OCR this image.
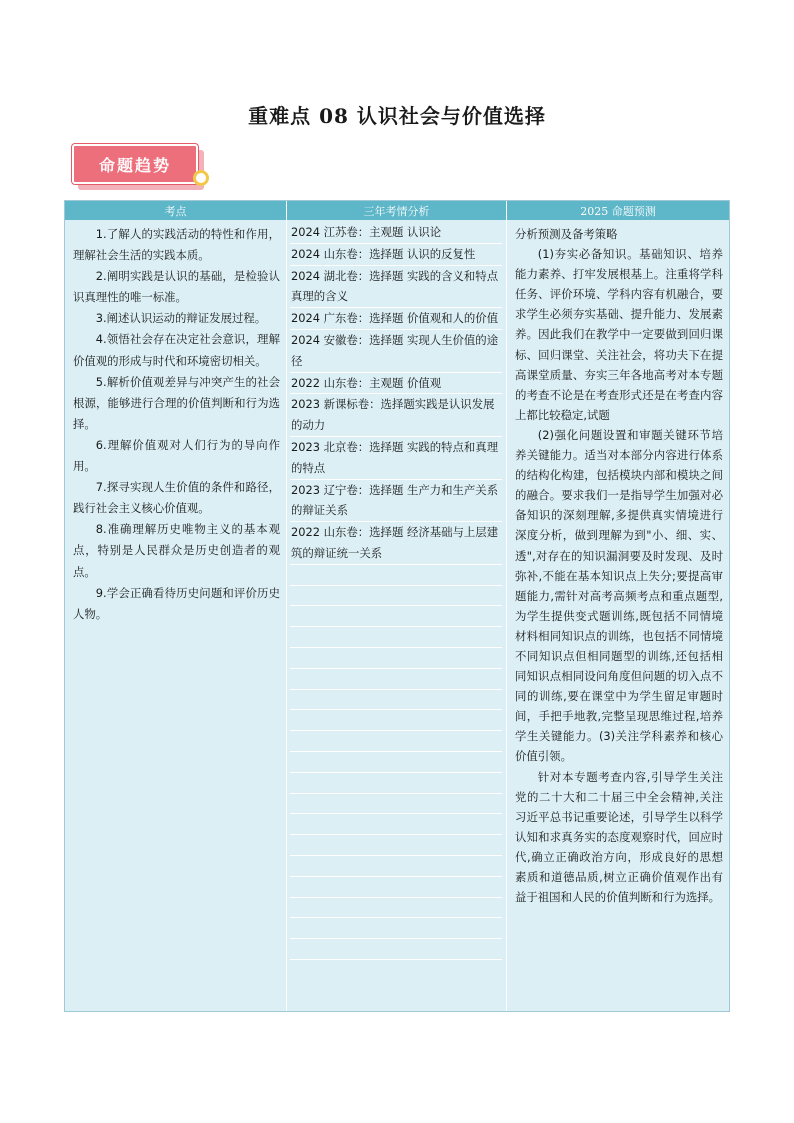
重难点 08 认识社会与价值选择
命题趋势
考点	三年考情分析	2025 命题预测

1.了解人的实践活动的特性和作用，理解社会生活的实践本质。

2.阐明实践是认识的基础，是检验认识真理性的唯一标准。

3.阐述认识运动的辩证发展过程。

4.领悟社会存在决定社会意识，理解价值观的形成与时代和环境密切相关。

5.解析价值观差异与冲突产生的社会根源，能够进行合理的价值判断和行为选择。

6.理解价值观对人们行为的导向作用。

7.探寻实现人生价值的条件和路径，践行社会主义核心价值观。

8.准确理解历史唯物主义的基本观点，特别是人民群众是历史创造者的观点。

9.学会正确看待历史问题和评价历史人物。

2024 江苏卷：主观题 认识论
2024 山东卷：选择题 认识的反复性
2024 湖北卷：选择题 实践的含义和特点 真理的含义
2024 广东卷：选择题 价值观和人的价值
2024 安徽卷：选择题 实现人生价值的途径
2022 山东卷：主观题 价值观
2023 新课标卷：选择题实践是认识发展的动力
2023 北京卷：选择题 实践的特点和真理的特点
2023 辽宁卷：选择题 生产力和生产关系的辩证关系
2022 山东卷：选择题 经济基础与上层建筑的辩证统一关系

分析预测及备考策略

(1)夯实必备知识。基础知识、培养能力素养、打牢发展根基上。注重将学科任务、评价环境、学科内容有机融合，要求学生必须夯实基础、提升能力、发展素养。因此我们在教学中一定要做到回归课标、回归课堂、关注社会，将功夫下在提高课堂质量、夯实三年各地高考对本专题的考查不论是在考查形式还是在考查内容上都比较稳定,试题

(2)强化问题设置和审题关键环节培养关键能力。适当对本部分内容进行体系的结构化构建，包括模块内部和模块之间的融合。要求我们一是指导学生加强对必备知识的深刻理解,多提供真实情境进行深度分析，做到理解为到"小、细、实、透",对存在的知识漏洞要及时发现、及时弥补,不能在基本知识点上失分;要提高审题能力,需针对高考高频考点和重点题型,为学生提供变式题训练,既包括不同情境材料相同知识点的训练，也包括不同情境不同知识点但相同题型的训练,还包括相同知识点相同设问角度但问题的切入点不同的训练,要在课堂中为学生留足审题时间，手把手地教,完整呈现思维过程,培养学生关键能力。(3)关注学科素养和核心价值引领。

针对本专题考查内容,引导学生关注党的二十大和二十届三中全会精神,关注习近平总书记重要论述，引导学生以科学认知和求真务实的态度观察时代，回应时代,确立正确政治方向，形成良好的思想素质和道德品质,树立正确价值观作出有益于祖国和人民的价值判断和行为选择。
